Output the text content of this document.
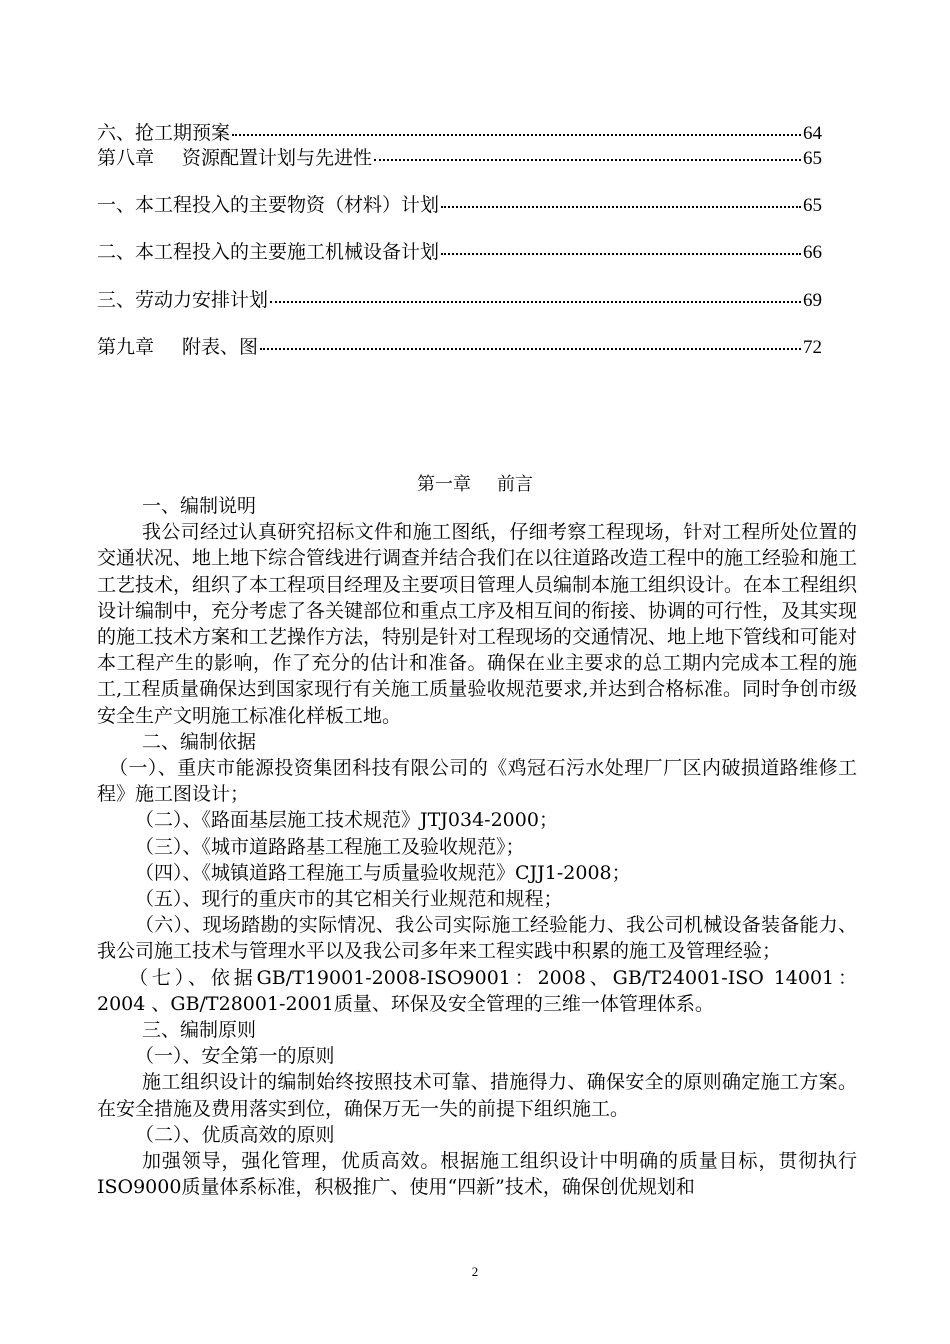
六、抢工期预案	64
第八章 资源配置计划与先进性	65
一、本工程投入的主要物资（材料）计划	65
二、本工程投入的主要施工机械设备计划	66
三、劳动力安排计划	69
第九章 附表、图	72
第一章 前言

一、编制说明

我公司经过认真研究招标文件和施工图纸，仔细考察工程现场，针对工程所处位置的交通状况、地上地下综合管线进行调查并结合我们在以往道路改造工程中的施工经验和施工工艺技术，组织了本工程项目经理及主要项目管理人员编制本施工组织设计。在本工程组织设计编制中，充分考虑了各关键部位和重点工序及相互间的衔接、协调的可行性，及其实现的施工技术方案和工艺操作方法，特别是针对工程现场的交通情况、地上地下管线和可能对本工程产生的影响，作了充分的估计和准备。确保在业主要求的总工期内完成本工程的施工,工程质量确保达到国家现行有关施工质量验收规范要求,并达到合格标准。同时争创市级安全生产文明施工标准化样板工地。

二、编制依据

（一）、重庆市能源投资集团科技有限公司的《鸡冠石污水处理厂厂区内破损道路维修工程》施工图设计；

（二）、《路面基层施工技术规范》JTJ034-2000；

（三）、《城市道路路基工程施工及验收规范》；

（四）、《城镇道路工程施工与质量验收规范》CJJ1-2008；

（五）、现行的重庆市的其它相关行业规范和规程；

（六）、现场踏勘的实际情况、我公司实际施工经验能力、我公司机械设备装备能力、我公司施工技术与管理水平以及我公司多年来工程实践中积累的施工及管理经验；

（七）、依据GB/T19001-2008-ISO9001：2008、GB/T24001-ISO 14001：2004 、GB/T28001-2001质量、环保及安全管理的三维一体管理体系。

三、编制原则

（一）、安全第一的原则

施工组织设计的编制始终按照技术可靠、措施得力、确保安全的原则确定施工方案。在安全措施及费用落实到位，确保万无一失的前提下组织施工。

（二）、优质高效的原则

加强领导，强化管理，优质高效。根据施工组织设计中明确的质量目标，贯彻执行ISO9000质量体系标准，积极推广、使用“四新”技术，确保创优规划和

2
